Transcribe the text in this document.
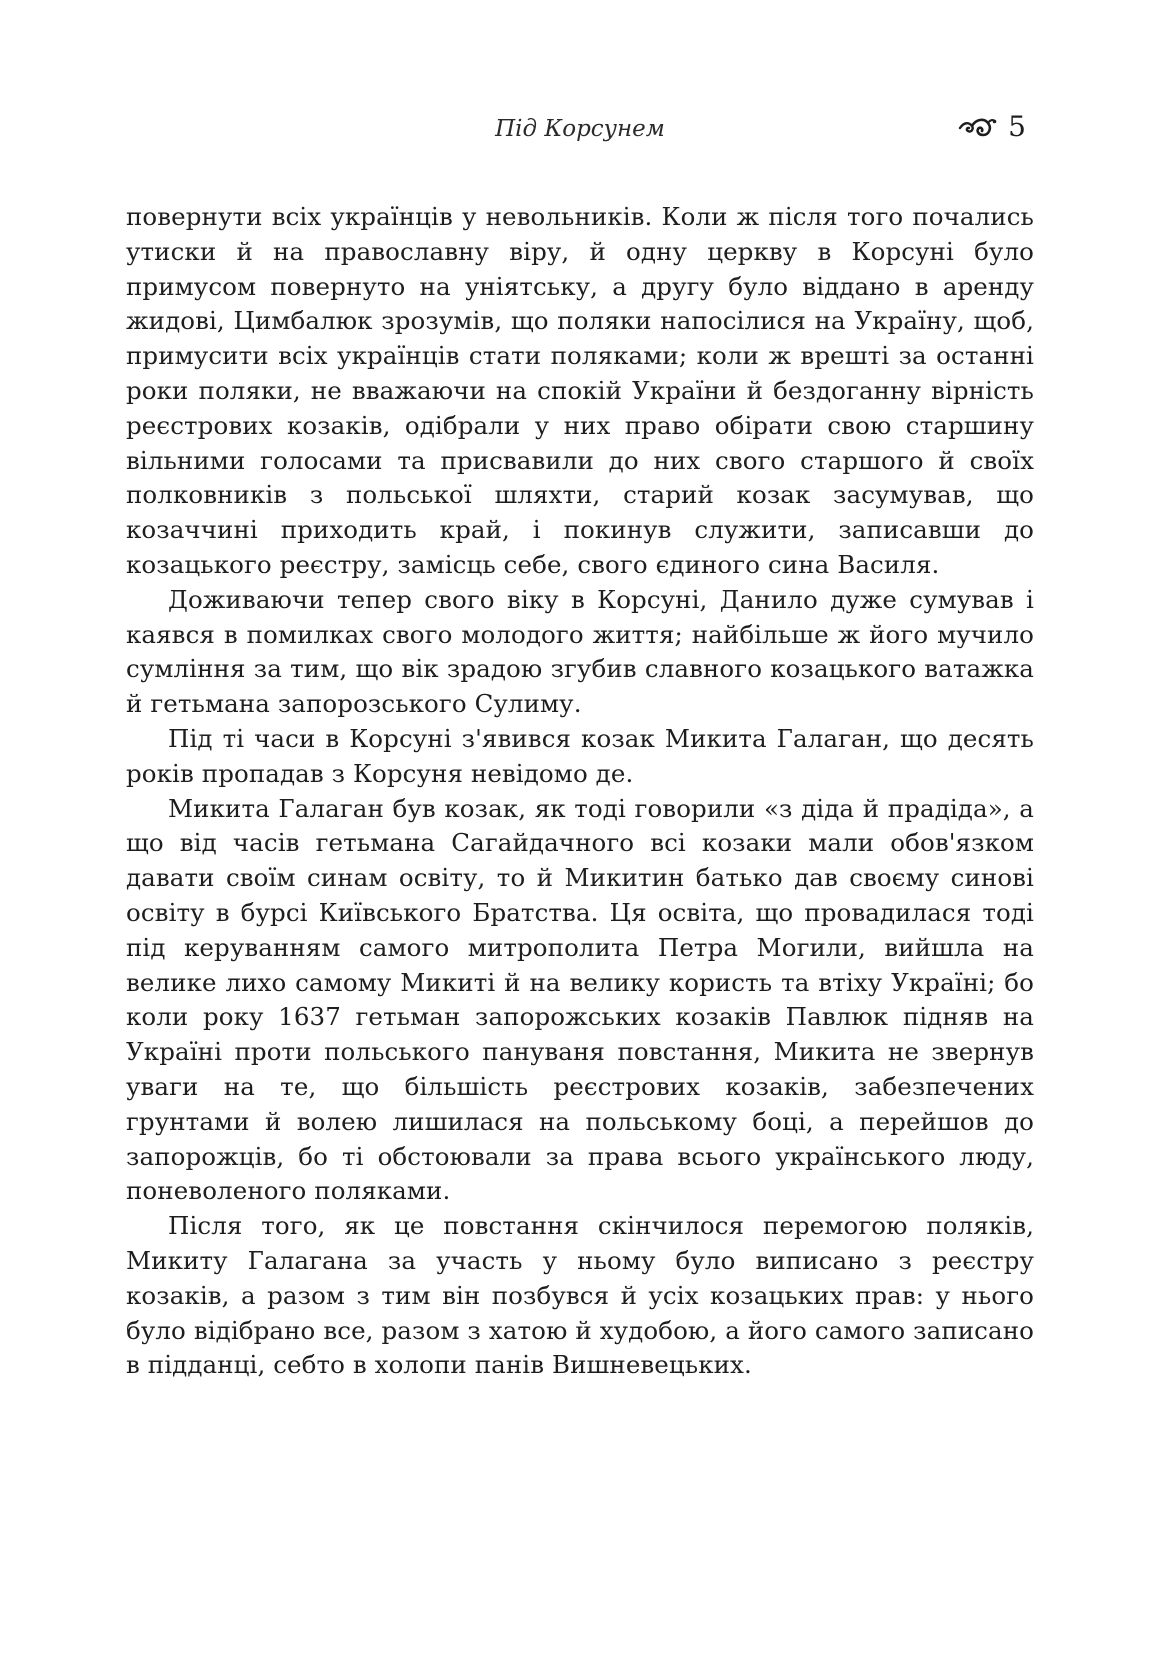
Під Корсунем	5

повернути всіх українців у невольників. Коли ж після того почались утиски й на православну віру, й одну церкву в Корсуні було примусом повернуто на уніятську, а другу було віддано в аренду жидові, Цимбалюк зрозумів, що поляки напосілися на Україну, щоб, примусити всіх українців стати поляками; коли ж врешті за останні роки поляки, не вважаючи на спокій України й бездоганну вірність реєстрових козаків, одібрали у них право обірати свою старшину вільними голосами та присвавили до них свого старшого й своїх полковників з польської шляхти, старий козак засумував, що козаччині приходить край, і покинув служити, записавши до козацького реєстру, замісць себе, свого єдиного сина Василя.

Доживаючи тепер свого віку в Корсуні, Данило дуже сумував і каявся в помилках свого молодого життя; найбільше ж його мучило сумління за тим, що вік зрадою згубив славного козацького ватажка й гетьмана запорозського Сулиму.

Під ті часи в Корсуні з'явився козак Микита Галаган, що десять років пропадав з Корсуня невідомо де.

Микита Галаган був козак, як тоді говорили «з діда й прадіда», а що від часів гетьмана Сагайдачного всі козаки мали обов'язком давати своїм синам освіту, то й Микитин батько дав своєму синові освіту в бурсі Київського Братства. Ця освіта, що провадилася тоді під керуванням самого митрополита Петра Могили, вийшла на велике лихо самому Микиті й на велику користь та втіху Україні; бо коли року 1637 гетьман запорожських козаків Павлюк підняв на Україні проти польського пануваня повстання, Микита не звернув уваги на те, що більшість реєстрових козаків, забезпечених грунтами й волею лишилася на польському боці, а перейшов до запорожців, бо ті обстоювали за права всього українського люду, поневоленого поляками.

Після того, як це повстання скінчилося перемогою поляків, Микиту Галагана за участь у ньому було виписано з реєстру козаків, а разом з тим він позбувся й усіх козацьких прав: у нього було відібрано все, разом з хатою й худобою, а його самого записано в підданці, себто в холопи панів Вишневецьких.
